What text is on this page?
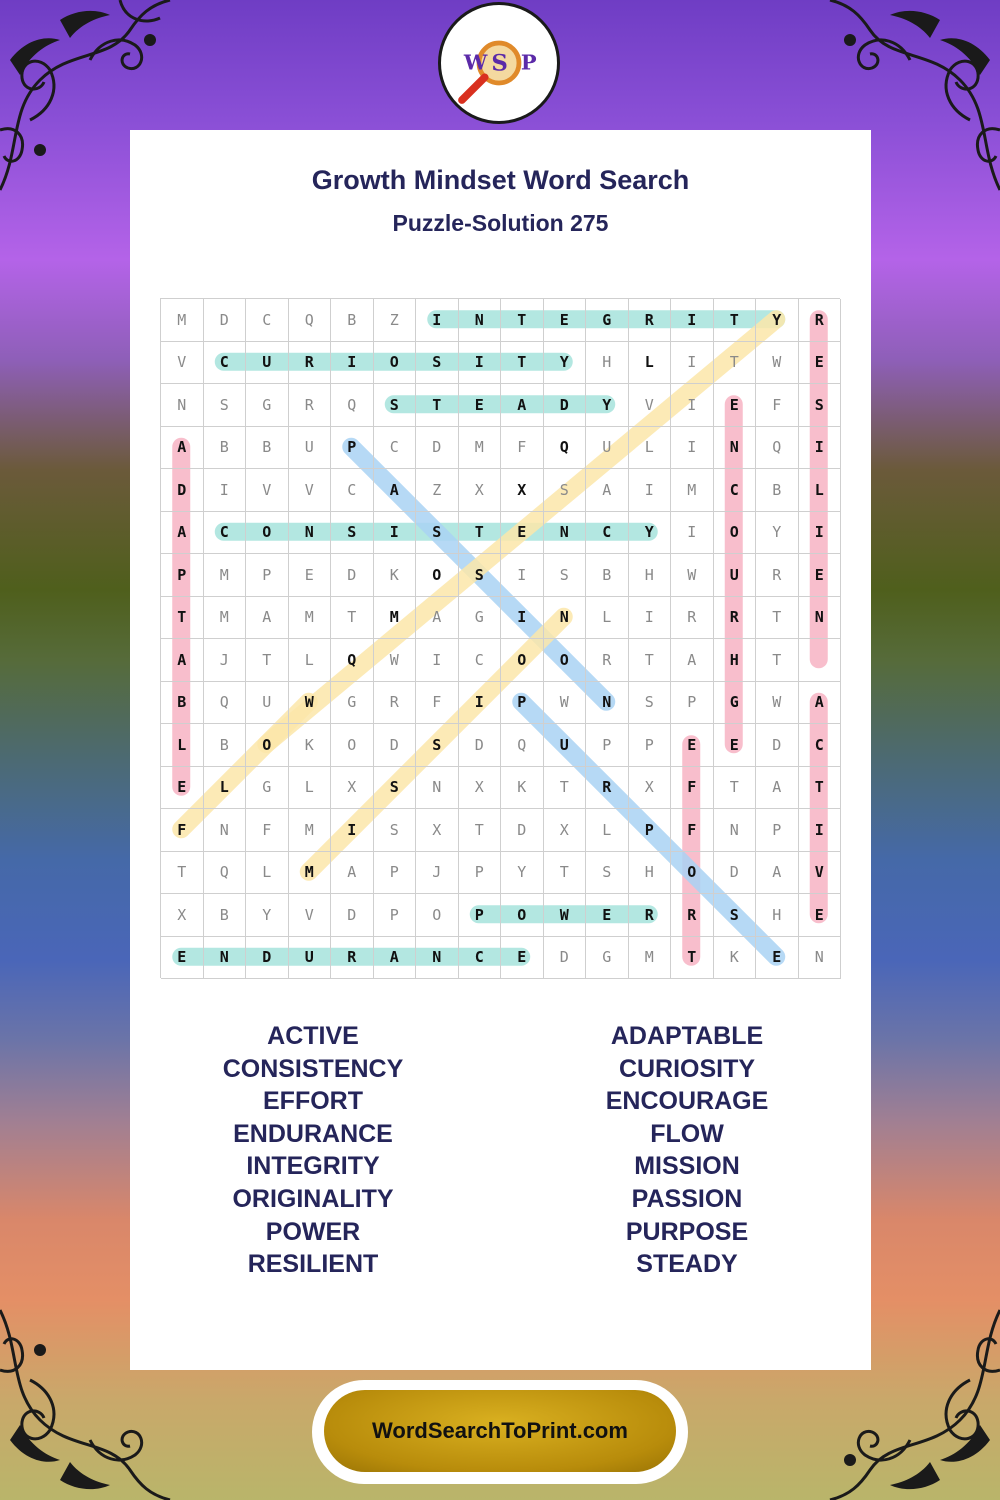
W S P
Growth Mindset Word Search
Puzzle-Solution 275
M	D	C	Q	B	Z	I	N	T	E	G	R	I	T	Y	R
V	C	U	R	I	O	S	I	T	Y	H	L	I	T	W	E
N	S	G	R	Q	S	T	E	A	D	Y	V	I	E	F	S
A	B	B	U	P	C	D	M	F	Q	U	L	I	N	Q	I
D	I	V	V	C	A	Z	X	X	S	A	I	M	C	B	L
A	C	O	N	S	I	S	T	E	N	C	Y	I	O	Y	I
P	M	P	E	D	K	O	S	I	S	B	H	W	U	R	E
T	M	A	M	T	M	A	G	I	N	L	I	R	R	T	N
A	J	T	L	Q	W	I	C	O	O	R	T	A	H	T
B	Q	U	W	G	R	F	I	P	W	N	S	P	G	W	A
L	B	O	K	O	D	S	D	Q	U	P	P	E	E	D	C
E	L	G	L	X	S	N	X	K	T	R	X	F	T	A	T
F	N	F	M	I	S	X	T	D	X	L	P	F	N	P	I
T	Q	L	M	A	P	J	P	Y	T	S	H	O	D	A	V
X	B	Y	V	D	P	O	P	O	W	E	R	R	S	H	E
E	N	D	U	R	A	N	C	E	D	G	M	T	K	E	N
ACTIVE
CONSISTENCY
EFFORT
ENDURANCE
INTEGRITY
ORIGINALITY
POWER
RESILIENT
ADAPTABLE
CURIOSITY
ENCOURAGE
FLOW
MISSION
PASSION
PURPOSE
STEADY
WordSearchToPrint.com
